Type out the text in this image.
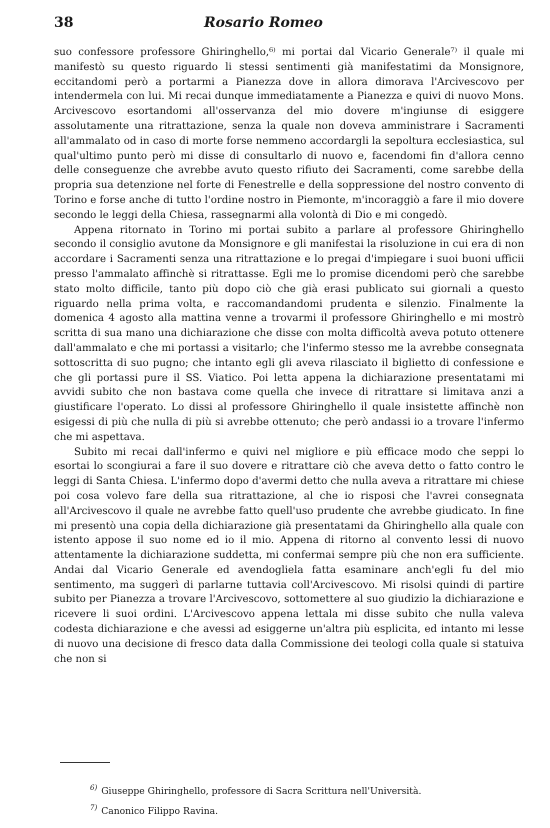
38	Rosario Romeo

suo confessore professore Ghiringhello,⁶⁾ mi portai dal Vicario Generale⁷⁾ il quale mi manifestò su questo riguardo li stessi sentimenti già manifestatimi da Monsignore, eccitandomi però a portarmi a Pianezza dove in allora dimorava l'Arcivescovo per intendermela con lui. Mi recai dunque immediatamente a Pianezza e quivi di nuovo Mons. Arcivescovo esortandomi all'osservanza del mio dovere m'ingiunse di esiggere assolutamente una ritrattazione, senza la quale non doveva amministrare i Sacramenti all'ammalato od in caso di morte forse nemmeno accordargli la sepoltura ecclesiastica, sul qual'ultimo punto però mi disse di consultarlo di nuovo e, facendomi fin d'allora cenno delle conseguenze che avrebbe avuto questo rifiuto dei Sacramenti, come sarebbe della propria sua detenzione nel forte di Fenestrelle e della soppressione del nostro convento di Torino e forse anche di tutto l'ordine nostro in Piemonte, m'incoraggiò a fare il mio dovere secondo le leggi della Chiesa, rassegnarmi alla volontà di Dio e mi congedò.

Appena ritornato in Torino mi portai subito a parlare al professore Ghiringhello secondo il consiglio avutone da Monsignore e gli manifestai la risoluzione in cui era di non accordare i Sacramenti senza una ritrattazione e lo pregai d'impiegare i suoi buoni ufficii presso l'ammalato affinchè si ritrattasse. Egli me lo promise dicendomi però che sarebbe stato molto difficile, tanto più dopo ciò che già erasi publicato sui giornali a questo riguardo nella prima volta, e raccomandandomi prudenta e silenzio. Finalmente la domenica 4 agosto alla mattina venne a trovarmi il professore Ghiringhello e mi mostrò scritta di sua mano una dichiarazione che disse con molta difficoltà aveva potuto ottenere dall'ammalato e che mi portassi a visitarlo; che l'infermo stesso me la avrebbe consegnata sottoscritta di suo pugno; che intanto egli gli aveva rilasciato il biglietto di confessione e che gli portassi pure il SS. Viatico. Poi letta appena la dichiarazione presentatami mi avvidi subito che non bastava come quella che invece di ritrattare si limitava anzi a giustificare l'operato. Lo dissi al professore Ghiringhello il quale insistette affinchè non esigessi di più che nulla di più si avrebbe ottenuto; che però andassi io a trovare l'infermo che mi aspettava.

Subito mi recai dall'infermo e quivi nel migliore e più efficace modo che seppi lo esortai lo scongiurai a fare il suo dovere e ritrattare ciò che aveva detto o fatto contro le leggi di Santa Chiesa. L'infermo dopo d'avermi detto che nulla aveva a ritrattare mi chiese poi cosa volevo fare della sua ritrattazione, al che io risposi che l'avrei consegnata all'Arcivescovo il quale ne avrebbe fatto quell'uso prudente che avrebbe giudicato. In fine mi presentò una copia della dichiarazione già presentatami da Ghiringhello alla quale con istento appose il suo nome ed io il mio. Appena di ritorno al convento lessi di nuovo attentamente la dichiarazione suddetta, mi confermai sempre più che non era sufficiente. Andai dal Vicario Generale ed avendogliela fatta esaminare anch'egli fu del mio sentimento, ma suggerì di parlarne tuttavia coll'Arcivescovo. Mi risolsi quindi di partire subito per Pianezza a trovare l'Arcivescovo, sottomettere al suo giudizio la dichiarazione e ricevere li suoi ordini. L'Arcivescovo appena lettala mi disse subito che nulla valeva codesta dichiarazione e che avessi ad esiggerne un'altra più esplicita, ed intanto mi lesse di nuovo una decisione di fresco data dalla Commissione dei teologi colla quale si statuiva che non si

$^{6)}$ Giuseppe Ghiringhello, professore di Sacra Scrittura nell'Università.

$^{7)}$ Canonico Filippo Ravina.
